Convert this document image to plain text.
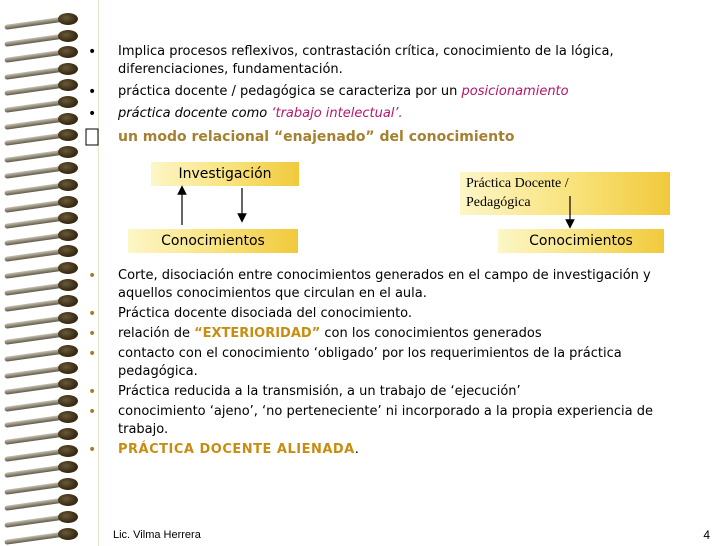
• Implica procesos reflexivos, contrastación crítica, conocimiento de la lógica,
diferenciaciones, fundamentación.
• práctica docente / pedagógica se caracteriza por un posicionamiento
• práctica docente como ‘trabajo intelectual’.
un modo relacional “enajenado” del conocimiento
Investigación
Conocimientos
Práctica Docente /
Pedagógica
Conocimientos
• Corte, disociación entre conocimientos generados en el campo de investigación y
aquellos conocimientos que circulan en el aula.
• Práctica docente disociada del conocimiento.
• relación de “EXTERIORIDAD” con los conocimientos generados
• contacto con el conocimiento ‘obligado’ por los requerimientos de la práctica
pedagógica.
• Práctica reducida a la transmisión, a un trabajo de ‘ejecución’
• conocimiento ‘ajeno’, ‘no perteneciente’ ni incorporado a la propia experiencia de
trabajo.
• PRÁCTICA DOCENTE ALIENADA.
Lic. Vilma Herrera	4
